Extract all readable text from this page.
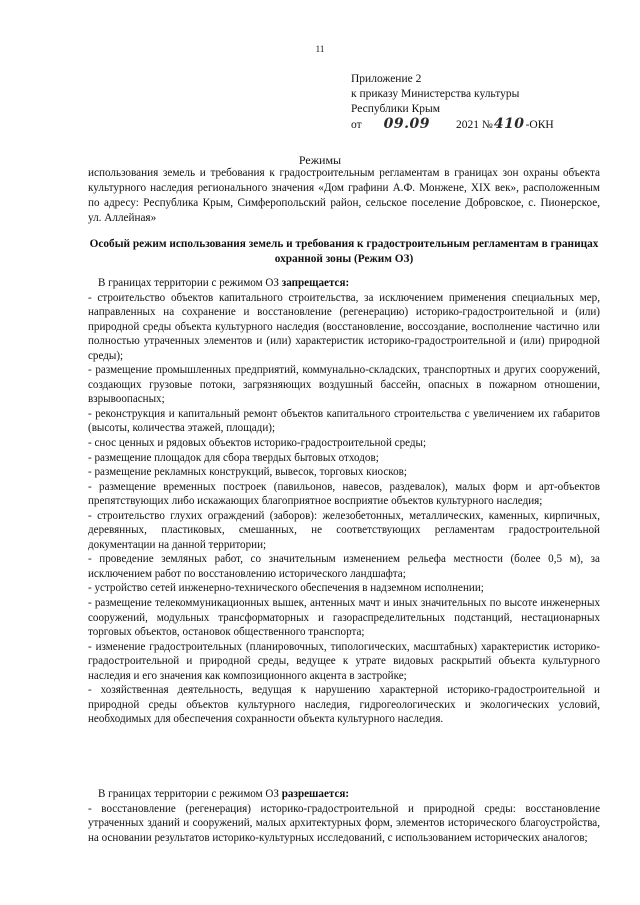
11
Приложение 2
к приказу Министерства культуры
Республики Крым
от 09.09 2021 №410-ОКН
Режимы
использования земель и требования к градостроительным регламентам в границах зон охраны объекта культурного наследия регионального значения «Дом графини А.Ф. Монжене, XIX век», расположенным по адресу: Республика Крым, Симферопольский район, сельское поселение Добровское, с. Пионерское, ул. Аллейная»
Особый режим использования земель и требования к градостроительным регламентам в границах охранной зоны (Режим ОЗ)

В границах территории с режимом ОЗ запрещается:

- строительство объектов капитального строительства, за исключением применения специальных мер, направленных на сохранение и восстановление (регенерацию) историко-градостроительной и (или) природной среды объекта культурного наследия (восстановление, воссоздание, восполнение частично или полностью утраченных элементов и (или) характеристик историко-градостроительной и (или) природной среды);

- размещение промышленных предприятий, коммунально-складских, транспортных и других сооружений, создающих грузовые потоки, загрязняющих воздушный бассейн, опасных в пожарном отношении, взрывоопасных;

- реконструкция и капитальный ремонт объектов капитального строительства с увеличением их габаритов (высоты, количества этажей, площади);

- снос ценных и рядовых объектов историко-градостроительной среды;

- размещение площадок для сбора твердых бытовых отходов;

- размещение рекламных конструкций, вывесок, торговых киосков;

- размещение временных построек (павильонов, навесов, раздевалок), малых форм и арт-объектов препятствующих либо искажающих благоприятное восприятие объектов культурного наследия;

- строительство глухих ограждений (заборов): железобетонных, металлических, каменных, кирпичных, деревянных, пластиковых, смешанных, не соответствующих регламентам градостроительной документации на данной территории;

- проведение земляных работ, со значительным изменением рельефа местности (более 0,5 м), за исключением работ по восстановлению исторического ландшафта;

- устройство сетей инженерно-технического обеспечения в надземном исполнении;

- размещение телекоммуникационных вышек, антенных мачт и иных значительных по высоте инженерных сооружений, модульных трансформаторных и газораспределительных подстанций, нестационарных торговых объектов, остановок общественного транспорта;

- изменение градостроительных (планировочных, типологических, масштабных) характеристик историко-градостроительной и природной среды, ведущее к утрате видовых раскрытий объекта культурного наследия и его значения как композиционного акцента в застройке;

- хозяйственная деятельность, ведущая к нарушению характерной историко-градостроительной и природной среды объектов культурного наследия, гидрогеологических и экологических условий, необходимых для обеспечения сохранности объекта культурного наследия.

В границах территории с режимом ОЗ разрешается:

- восстановление (регенерация) историко-градостроительной и природной среды: восстановление утраченных зданий и сооружений, малых архитектурных форм, элементов исторического благоустройства, на основании результатов историко-культурных исследований, с использованием исторических аналогов;
